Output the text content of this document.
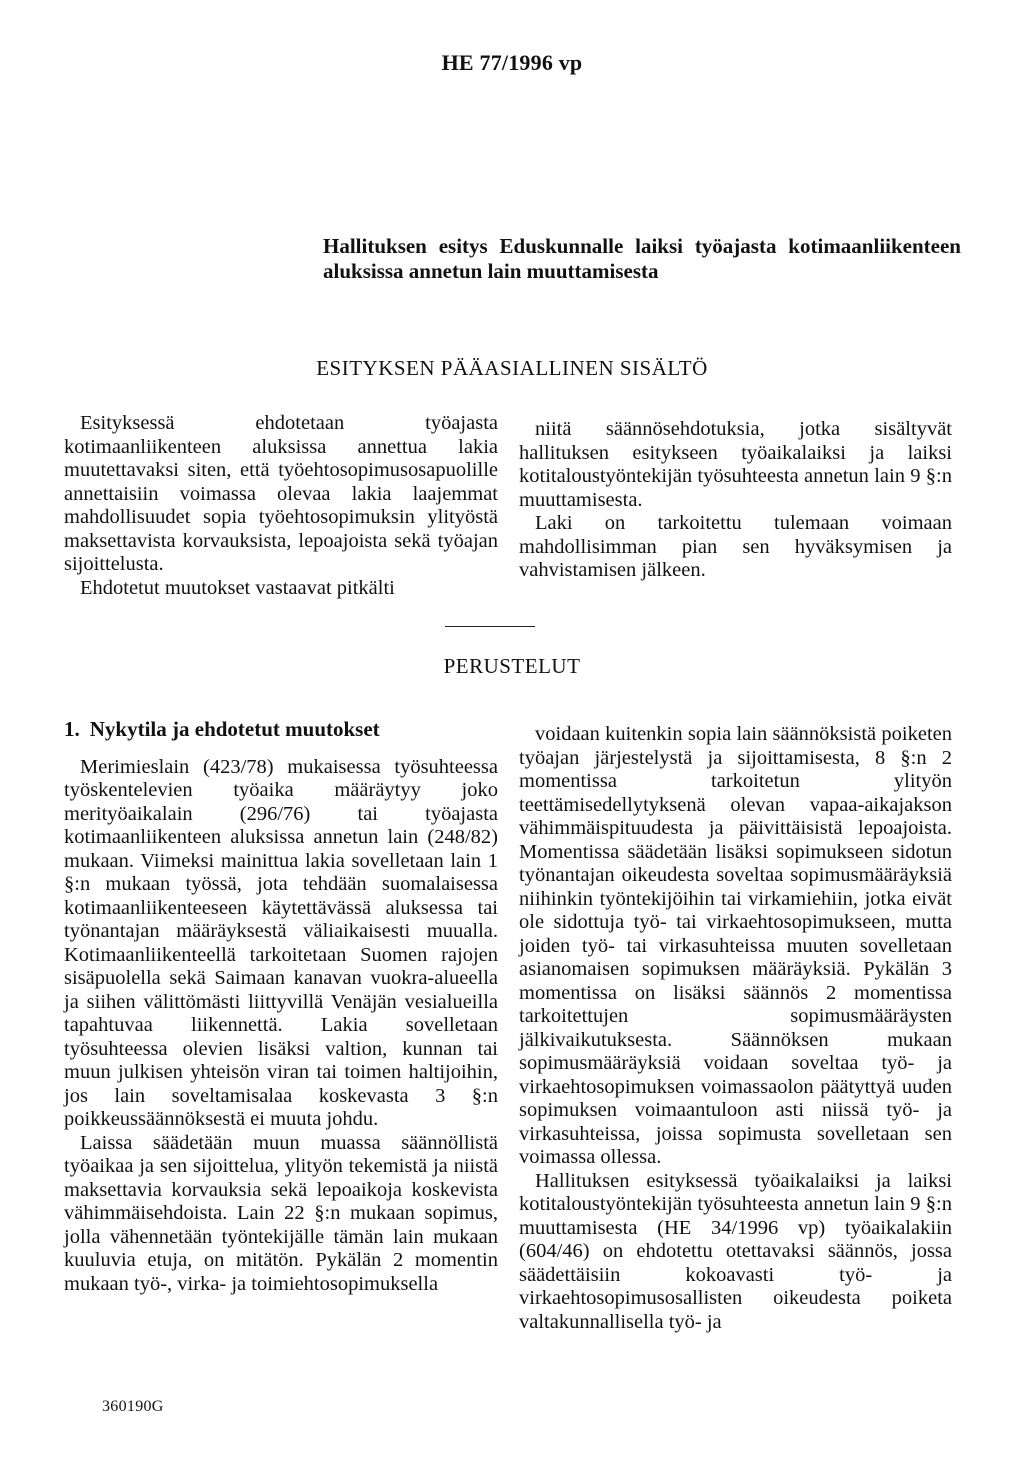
HE 77/1996 vp
Hallituksen esitys Eduskunnalle laiksi työajasta kotimaanliikenteen aluksissa annetun lain muuttamisesta
ESITYKSEN PÄÄASIALLINEN SISÄLTÖ

Esityksessä ehdotetaan työajasta kotimaanliikenteen aluksissa annettua lakia muutettavaksi siten, että työehtosopimusosapuolille annettaisiin voimassa olevaa lakia laajemmat mahdollisuudet sopia työehtosopimuksin ylityöstä maksettavista korvauksista, lepoajoista sekä työajan sijoittelusta.

Ehdotetut muutokset vastaavat pitkälti

niitä säännösehdotuksia, jotka sisältyvät hallituksen esitykseen työaikalaiksi ja laiksi kotitaloustyöntekijän työsuhteesta annetun lain 9 §:n muuttamisesta.

Laki on tarkoitettu tulemaan voimaan mahdollisimman pian sen hyväksymisen ja vahvistamisen jälkeen.

PERUSTELUT
1. Nykytila ja ehdotetut muutokset

Merimieslain (423/78) mukaisessa työsuhteessa työskentelevien työaika määräytyy joko merityöaikalain (296/76) tai työajasta kotimaanliikenteen aluksissa annetun lain (248/82) mukaan. Viimeksi mainittua lakia sovelletaan lain 1 §:n mukaan työssä, jota tehdään suomalaisessa kotimaanliikenteeseen käytettävässä aluksessa tai työnantajan määräyksestä väliaikaisesti muualla. Kotimaanliikenteellä tarkoitetaan Suomen rajojen sisäpuolella sekä Saimaan kanavan vuokra-alueella ja siihen välittömästi liittyvillä Venäjän vesialueilla tapahtuvaa liikennettä. Lakia sovelletaan työsuhteessa olevien lisäksi valtion, kunnan tai muun julkisen yhteisön viran tai toimen haltijoihin, jos lain soveltamisalaa koskevasta 3 §:n poikkeussäännöksestä ei muuta johdu.

Laissa säädetään muun muassa säännöllistä työaikaa ja sen sijoittelua, ylityön tekemistä ja niistä maksettavia korvauksia sekä lepoaikoja koskevista vähimmäisehdoista. Lain 22 §:n mukaan sopimus, jolla vähennetään työntekijälle tämän lain mukaan kuuluvia etuja, on mitätön. Pykälän 2 momentin mukaan työ-, virka- ja toimiehtosopimuksella

voidaan kuitenkin sopia lain säännöksistä poiketen työajan järjestelystä ja sijoittamisesta, 8 §:n 2 momentissa tarkoitetun ylityön teettämisedellytyksenä olevan vapaa-aikajakson vähimmäispituudesta ja päivittäisistä lepoajoista. Momentissa säädetään lisäksi sopimukseen sidotun työnantajan oikeudesta soveltaa sopimusmääräyksiä niihinkin työntekijöihin tai virkamiehiin, jotka eivät ole sidottuja työ- tai virkaehtosopimukseen, mutta joiden työ- tai virkasuhteissa muuten sovelletaan asianomaisen sopimuksen määräyksiä. Pykälän 3 momentissa on lisäksi säännös 2 momentissa tarkoitettujen sopimusmääräysten jälkivaikutuksesta. Säännöksen mukaan sopimusmääräyksiä voidaan soveltaa työ- ja virkaehtosopimuksen voimassaolon päätyttyä uuden sopimuksen voimaantuloon asti niissä työ- ja virkasuhteissa, joissa sopimusta sovelletaan sen voimassa ollessa.

Hallituksen esityksessä työaikalaiksi ja laiksi kotitaloustyöntekijän työsuhteesta annetun lain 9 §:n muuttamisesta (HE 34/1996 vp) työaikalakiin (604/46) on ehdotettu otettavaksi säännös, jossa säädettäisiin kokoavasti työ- ja virkaehtosopimusosallisten oikeudesta poiketa valtakunnallisella työ- ja

360190G
